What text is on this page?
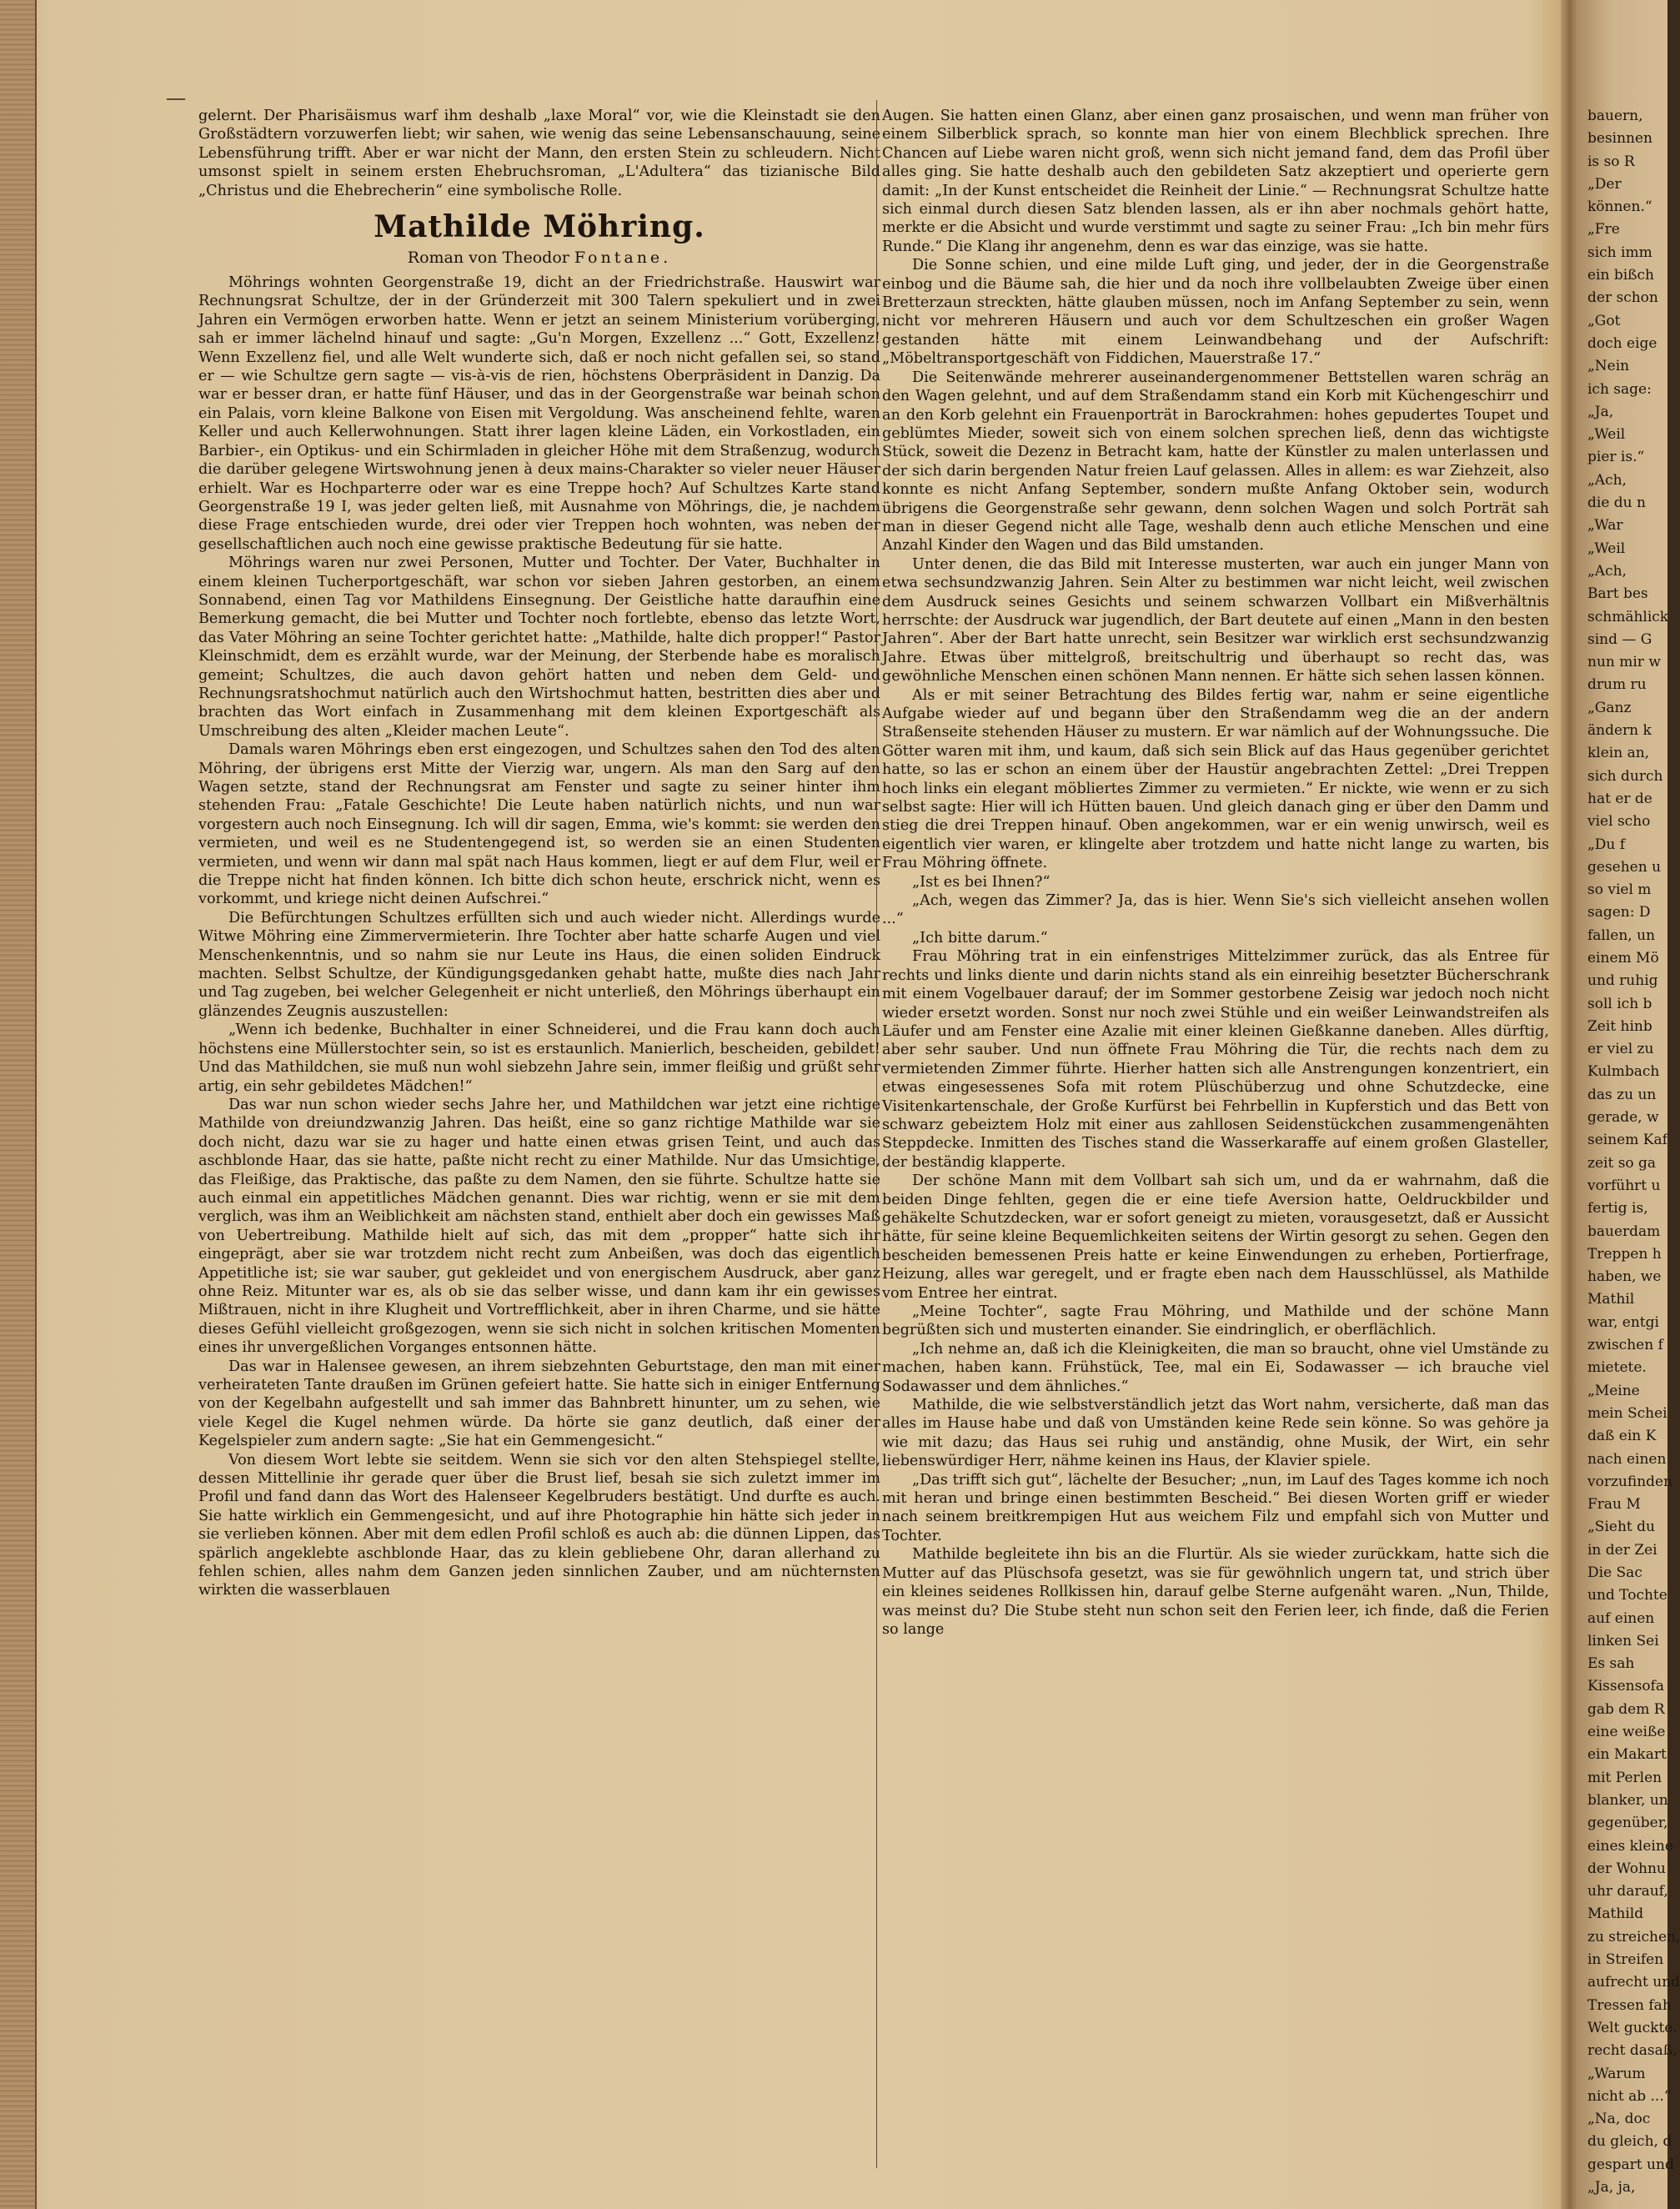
gelernt. Der Pharisäismus warf ihm deshalb „laxe Moral“ vor, wie die Kleinstadt sie den Großstädtern vorzuwerfen liebt; wir sahen, wie wenig das seine Lebensanschauung, seine Lebensführung trifft. Aber er war nicht der Mann, den ersten Stein zu schleudern. Nicht umsonst spielt in seinem ersten Ehebruchsroman, „L'Adultera“ das tizianische Bild „Christus und die Ehebrecherin“ eine symbolische Rolle.

Mathilde Möhring.
Roman von Theodor Fontane.

Möhrings wohnten Georgenstraße 19, dicht an der Friedrichstraße. Hauswirt war Rechnungsrat Schultze, der in der Gründerzeit mit 300 Talern spekuliert und in zwei Jahren ein Vermögen erworben hatte. Wenn er jetzt an seinem Ministerium vorüberging, sah er immer lächelnd hinauf und sagte: „Gu'n Morgen, Exzellenz ...“ Gott, Exzellenz! Wenn Exzellenz fiel, und alle Welt wunderte sich, daß er noch nicht gefallen sei, so stand er — wie Schultze gern sagte — vis-à-vis de rien, höchstens Oberpräsident in Danzig. Da war er besser dran, er hatte fünf Häuser, und das in der Georgenstraße war beinah schon ein Palais, vorn kleine Balkone von Eisen mit Vergoldung. Was anscheinend fehlte, waren Keller und auch Kellerwohnungen. Statt ihrer lagen kleine Läden, ein Vorkostladen, ein Barbier-, ein Optikus- und ein Schirmladen in gleicher Höhe mit dem Straßenzug, wodurch die darüber gelegene Wirtswohnung jenen à deux mains-Charakter so vieler neuer Häuser erhielt. War es Hochparterre oder war es eine Treppe hoch? Auf Schultzes Karte stand Georgenstraße 19 I, was jeder gelten ließ, mit Ausnahme von Möhrings, die, je nachdem diese Frage entschieden wurde, drei oder vier Treppen hoch wohnten, was neben der gesellschaftlichen auch noch eine gewisse praktische Bedeutung für sie hatte.

Möhrings waren nur zwei Personen, Mutter und Tochter. Der Vater, Buchhalter in einem kleinen Tucherportgeschäft, war schon vor sieben Jahren gestorben, an einem Sonnabend, einen Tag vor Mathildens Einsegnung. Der Geistliche hatte daraufhin eine Bemerkung gemacht, die bei Mutter und Tochter noch fortlebte, ebenso das letzte Wort, das Vater Möhring an seine Tochter gerichtet hatte: „Mathilde, halte dich propper!“ Pastor Kleinschmidt, dem es erzählt wurde, war der Meinung, der Sterbende habe es moralisch gemeint; Schultzes, die auch davon gehört hatten und neben dem Geld- und Rechnungsratshochmut natürlich auch den Wirtshochmut hatten, bestritten dies aber und brachten das Wort einfach in Zusammenhang mit dem kleinen Exportgeschäft als Umschreibung des alten „Kleider machen Leute“.

Damals waren Möhrings eben erst eingezogen, und Schultzes sahen den Tod des alten Möhring, der übrigens erst Mitte der Vierzig war, ungern. Als man den Sarg auf den Wagen setzte, stand der Rechnungsrat am Fenster und sagte zu seiner hinter ihm stehenden Frau: „Fatale Geschichte! Die Leute haben natürlich nichts, und nun war vorgestern auch noch Einsegnung. Ich will dir sagen, Emma, wie's kommt: sie werden den vermieten, und weil es ne Studentengegend ist, so werden sie an einen Studenten vermieten, und wenn wir dann mal spät nach Haus kommen, liegt er auf dem Flur, weil er die Treppe nicht hat finden können. Ich bitte dich schon heute, erschrick nicht, wenn es vorkommt, und kriege nicht deinen Aufschrei.“

Die Befürchtungen Schultzes erfüllten sich und auch wieder nicht. Allerdings wurde Witwe Möhring eine Zimmervermieterin. Ihre Tochter aber hatte scharfe Augen und viel Menschenkenntnis, und so nahm sie nur Leute ins Haus, die einen soliden Eindruck machten. Selbst Schultze, der Kündigungsgedanken gehabt hatte, mußte dies nach Jahr und Tag zugeben, bei welcher Gelegenheit er nicht unterließ, den Möhrings überhaupt ein glänzendes Zeugnis auszustellen:

„Wenn ich bedenke, Buchhalter in einer Schneiderei, und die Frau kann doch auch höchstens eine Müllerstochter sein, so ist es erstaunlich. Manierlich, bescheiden, gebildet! Und das Mathildchen, sie muß nun wohl siebzehn Jahre sein, immer fleißig und grüßt sehr artig, ein sehr gebildetes Mädchen!“

Das war nun schon wieder sechs Jahre her, und Mathildchen war jetzt eine richtige Mathilde von dreiundzwanzig Jahren. Das heißt, eine so ganz richtige Mathilde war sie doch nicht, dazu war sie zu hager und hatte einen etwas grisen Teint, und auch das aschblonde Haar, das sie hatte, paßte nicht recht zu einer Mathilde. Nur das Umsichtige, das Fleißige, das Praktische, das paßte zu dem Namen, den sie führte. Schultze hatte sie auch einmal ein appetitliches Mädchen genannt. Dies war richtig, wenn er sie mit dem verglich, was ihm an Weiblichkeit am nächsten stand, enthielt aber doch ein gewisses Maß von Uebertreibung. Mathilde hielt auf sich, das mit dem „propper“ hatte sich ihr eingeprägt, aber sie war trotzdem nicht recht zum Anbeißen, was doch das eigentlich Appetitliche ist; sie war sauber, gut gekleidet und von energischem Ausdruck, aber ganz ohne Reiz. Mitunter war es, als ob sie das selber wisse, und dann kam ihr ein gewisses Mißtrauen, nicht in ihre Klugheit und Vortrefflichkeit, aber in ihren Charme, und sie hätte dieses Gefühl vielleicht großgezogen, wenn sie sich nicht in solchen kritischen Momenten eines ihr unvergeßlichen Vorganges entsonnen hätte.

Das war in Halensee gewesen, an ihrem siebzehnten Geburtstage, den man mit einer verheirateten Tante draußen im Grünen gefeiert hatte. Sie hatte sich in einiger Entfernung von der Kegelbahn aufgestellt und sah immer das Bahnbrett hinunter, um zu sehen, wie viele Kegel die Kugel nehmen würde. Da hörte sie ganz deutlich, daß einer der Kegelspieler zum andern sagte: „Sie hat ein Gemmengesicht.“

Von diesem Wort lebte sie seitdem. Wenn sie sich vor den alten Stehspiegel stellte, dessen Mittellinie ihr gerade quer über die Brust lief, besah sie sich zuletzt immer im Profil und fand dann das Wort des Halenseer Kegelbruders bestätigt. Und durfte es auch. Sie hatte wirklich ein Gemmengesicht, und auf ihre Photographie hin hätte sich jeder in sie verlieben können. Aber mit dem edlen Profil schloß es auch ab: die dünnen Lippen, das spärlich angeklebte aschblonde Haar, das zu klein gebliebene Ohr, daran allerhand zu fehlen schien, alles nahm dem Ganzen jeden sinnlichen Zauber, und am nüchternsten wirkten die wasserblauen

Augen. Sie hatten einen Glanz, aber einen ganz prosaischen, und wenn man früher von einem Silberblick sprach, so konnte man hier von einem Blechblick sprechen. Ihre Chancen auf Liebe waren nicht groß, wenn sich nicht jemand fand, dem das Profil über alles ging. Sie hatte deshalb auch den gebildeten Satz akzeptiert und operierte gern damit: „In der Kunst entscheidet die Reinheit der Linie.“ — Rechnungsrat Schultze hatte sich einmal durch diesen Satz blenden lassen, als er ihn aber nochmals gehört hatte, merkte er die Absicht und wurde verstimmt und sagte zu seiner Frau: „Ich bin mehr fürs Runde.“ Die Klang ihr angenehm, denn es war das einzige, was sie hatte.

Die Sonne schien, und eine milde Luft ging, und jeder, der in die Georgenstraße einbog und die Bäume sah, die hier und da noch ihre vollbelaubten Zweige über einen Bretterzaun streckten, hätte glauben müssen, noch im Anfang September zu sein, wenn nicht vor mehreren Häusern und auch vor dem Schultzeschen ein großer Wagen gestanden hätte mit einem Leinwandbehang und der Aufschrift: „Möbeltransportgeschäft von Fiddichen, Mauerstraße 17.“

Die Seitenwände mehrerer auseinandergenommener Bettstellen waren schräg an den Wagen gelehnt, und auf dem Straßendamm stand ein Korb mit Küchengeschirr und an den Korb gelehnt ein Frauenporträt in Barockrahmen: hohes gepudertes Toupet und geblümtes Mieder, soweit sich von einem solchen sprechen ließ, denn das wichtigste Stück, soweit die Dezenz in Betracht kam, hatte der Künstler zu malen unterlassen und der sich darin bergenden Natur freien Lauf gelassen. Alles in allem: es war Ziehzeit, also konnte es nicht Anfang September, sondern mußte Anfang Oktober sein, wodurch übrigens die Georgenstraße sehr gewann, denn solchen Wagen und solch Porträt sah man in dieser Gegend nicht alle Tage, weshalb denn auch etliche Menschen und eine Anzahl Kinder den Wagen und das Bild umstanden.

Unter denen, die das Bild mit Interesse musterten, war auch ein junger Mann von etwa sechsundzwanzig Jahren. Sein Alter zu bestimmen war nicht leicht, weil zwischen dem Ausdruck seines Gesichts und seinem schwarzen Vollbart ein Mißverhältnis herrschte: der Ausdruck war jugendlich, der Bart deutete auf einen „Mann in den besten Jahren“. Aber der Bart hatte unrecht, sein Besitzer war wirklich erst sechsundzwanzig Jahre. Etwas über mittelgroß, breitschultrig und überhaupt so recht das, was gewöhnliche Menschen einen schönen Mann nennen. Er hätte sich sehen lassen können.

Als er mit seiner Betrachtung des Bildes fertig war, nahm er seine eigentliche Aufgabe wieder auf und begann über den Straßendamm weg die an der andern Straßenseite stehenden Häuser zu mustern. Er war nämlich auf der Wohnungssuche. Die Götter waren mit ihm, und kaum, daß sich sein Blick auf das Haus gegenüber gerichtet hatte, so las er schon an einem über der Haustür angebrachten Zettel: „Drei Treppen hoch links ein elegant möbliertes Zimmer zu vermieten.“ Er nickte, wie wenn er zu sich selbst sagte: Hier will ich Hütten bauen. Und gleich danach ging er über den Damm und stieg die drei Treppen hinauf. Oben angekommen, war er ein wenig unwirsch, weil es eigentlich vier waren, er klingelte aber trotzdem und hatte nicht lange zu warten, bis Frau Möhring öffnete.

„Ist es bei Ihnen?“

„Ach, wegen das Zimmer? Ja, das is hier. Wenn Sie's sich vielleicht ansehen wollen ...“

„Ich bitte darum.“

Frau Möhring trat in ein einfenstriges Mittelzimmer zurück, das als Entree für rechts und links diente und darin nichts stand als ein einreihig besetzter Bücherschrank mit einem Vogelbauer darauf; der im Sommer gestorbene Zeisig war jedoch noch nicht wieder ersetzt worden. Sonst nur noch zwei Stühle und ein weißer Leinwandstreifen als Läufer und am Fenster eine Azalie mit einer kleinen Gießkanne daneben. Alles dürftig, aber sehr sauber. Und nun öffnete Frau Möhring die Tür, die rechts nach dem zu vermietenden Zimmer führte. Hierher hatten sich alle Anstrengungen konzentriert, ein etwas eingesessenes Sofa mit rotem Plüschüberzug und ohne Schutzdecke, eine Visitenkartenschale, der Große Kurfürst bei Fehrbellin in Kupferstich und das Bett von schwarz gebeiztem Holz mit einer aus zahllosen Seidenstückchen zusammengenähten Steppdecke. Inmitten des Tisches stand die Wasserkaraffe auf einem großen Glasteller, der beständig klapperte.

Der schöne Mann mit dem Vollbart sah sich um, und da er wahrnahm, daß die beiden Dinge fehlten, gegen die er eine tiefe Aversion hatte, Oeldruckbilder und gehäkelte Schutzdecken, war er sofort geneigt zu mieten, vorausgesetzt, daß er Aussicht hätte, für seine kleine Bequemlichkeiten seitens der Wirtin gesorgt zu sehen. Gegen den bescheiden bemessenen Preis hatte er keine Einwendungen zu erheben, Portierfrage, Heizung, alles war geregelt, und er fragte eben nach dem Hausschlüssel, als Mathilde vom Entree her eintrat.

„Meine Tochter“, sagte Frau Möhring, und Mathilde und der schöne Mann begrüßten sich und musterten einander. Sie eindringlich, er oberflächlich.

„Ich nehme an, daß ich die Kleinigkeiten, die man so braucht, ohne viel Umstände zu machen, haben kann. Frühstück, Tee, mal ein Ei, Sodawasser — ich brauche viel Sodawasser und dem ähnliches.“

Mathilde, die wie selbstverständlich jetzt das Wort nahm, versicherte, daß man das alles im Hause habe und daß von Umständen keine Rede sein könne. So was gehöre ja wie mit dazu; das Haus sei ruhig und anständig, ohne Musik, der Wirt, ein sehr liebenswürdiger Herr, nähme keinen ins Haus, der Klavier spiele.

„Das trifft sich gut“, lächelte der Besucher; „nun, im Lauf des Tages komme ich noch mit heran und bringe einen bestimmten Bescheid.“ Bei diesen Worten griff er wieder nach seinem breitkrempigen Hut aus weichem Filz und empfahl sich von Mutter und Tochter.

Mathilde begleitete ihn bis an die Flurtür. Als sie wieder zurückkam, hatte sich die Mutter auf das Plüschsofa gesetzt, was sie für gewöhnlich ungern tat, und strich über ein kleines seidenes Rollkissen hin, darauf gelbe Sterne aufgenäht waren. „Nun, Thilde, was meinst du? Die Stube steht nun schon seit den Ferien leer, ich finde, daß die Ferien so lange

bauern,

besinnen

is so R

„Der

können.“

„Fre

sich imm

ein bißch

der schon

„Got

doch eige

„Nein

ich sage:

„Ja,

„Weil

pier is.“

„Ach,

die du n

„War

„Weil

„Ach,

Bart bes

schmählick

sind — G

nun mir w

drum ru

„Ganz

ändern k

klein an,

sich durch

hat er de

viel scho

„Du f

gesehen u

so viel m

sagen: D

fallen, un

einem Mö

und ruhig

soll ich b

Zeit hinb

er viel zu

Kulmbach

das zu un

gerade, w

seinem Kaf

zeit so ga

vorführt u

fertig is,

bauerdam

Treppen h

haben, we

Mathil

war, entgi

zwischen f

mietete.

„Meine

mein Schei

daß ein K

nach einen

vorzufinden

Frau M

„Sieht du

in der Zei

Die Sac

und Tochte

auf einen

linken Sei

Es sah

Kissensofa

gab dem R

eine weiße

ein Makart

mit Perlen

blanker, un

gegenüber,

eines kleine

der Wohnu

uhr darauf,

Mathild

zu streichen,

in Streifen

aufrecht und

Tressen fah

Welt guckte.

recht dasaß,

„Warum

nicht ab ...“

„Na, doc

du gleich, d

gespart und

„Ja, ja,
